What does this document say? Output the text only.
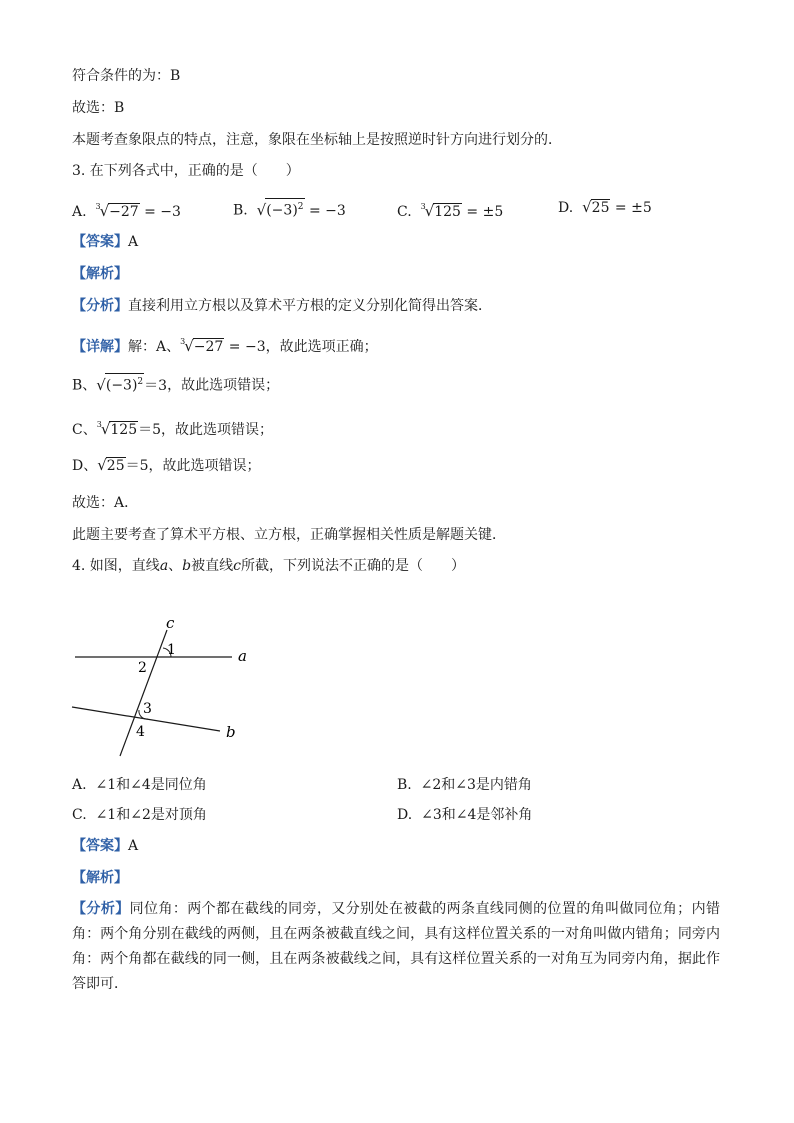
符合条件的为：B
故选：B
本题考查象限点的特点，注意，象限在坐标轴上是按照逆时针方向进行划分的．
3. 在下列各式中，正确的是（　　）
A. $^3$√−27 = −3	B. $√(-3)^2 = -3$	C. $^3$√125 = ±5	D. √25 = ±5
【答案】A
【解析】
【分析】直接利用立方根以及算术平方根的定义分别化简得出答案．
【详解】解：A、$^3$√−27 = −3，故此选项正确；
B、$√(-3)^2=3$，故此选项错误；
C、$^3$√125＝5，故此选项错误；
D、√25＝5，故此选项错误；
故选：A．
此题主要考查了算术平方根、立方根，正确掌握相关性质是解题关键．
4. 如图，直线a、b被直线c所截，下列说法不正确的是（　　）
c
a
b
1
2
3
4
A. ∠1和∠4是同位角	B. ∠2和∠3是内错角
C. ∠1和∠2是对顶角	D. ∠3和∠4是邻补角
【答案】A
【解析】
【分析】同位角：两个都在截线的同旁，又分别处在被截的两条直线同侧的位置的角叫做同位角；内错角：两个角分别在截线的两侧，且在两条被截直线之间，具有这样位置关系的一对角叫做内错角；同旁内角：两个角都在截线的同一侧，且在两条被截线之间，具有这样位置关系的一对角互为同旁内角，据此作答即可．
